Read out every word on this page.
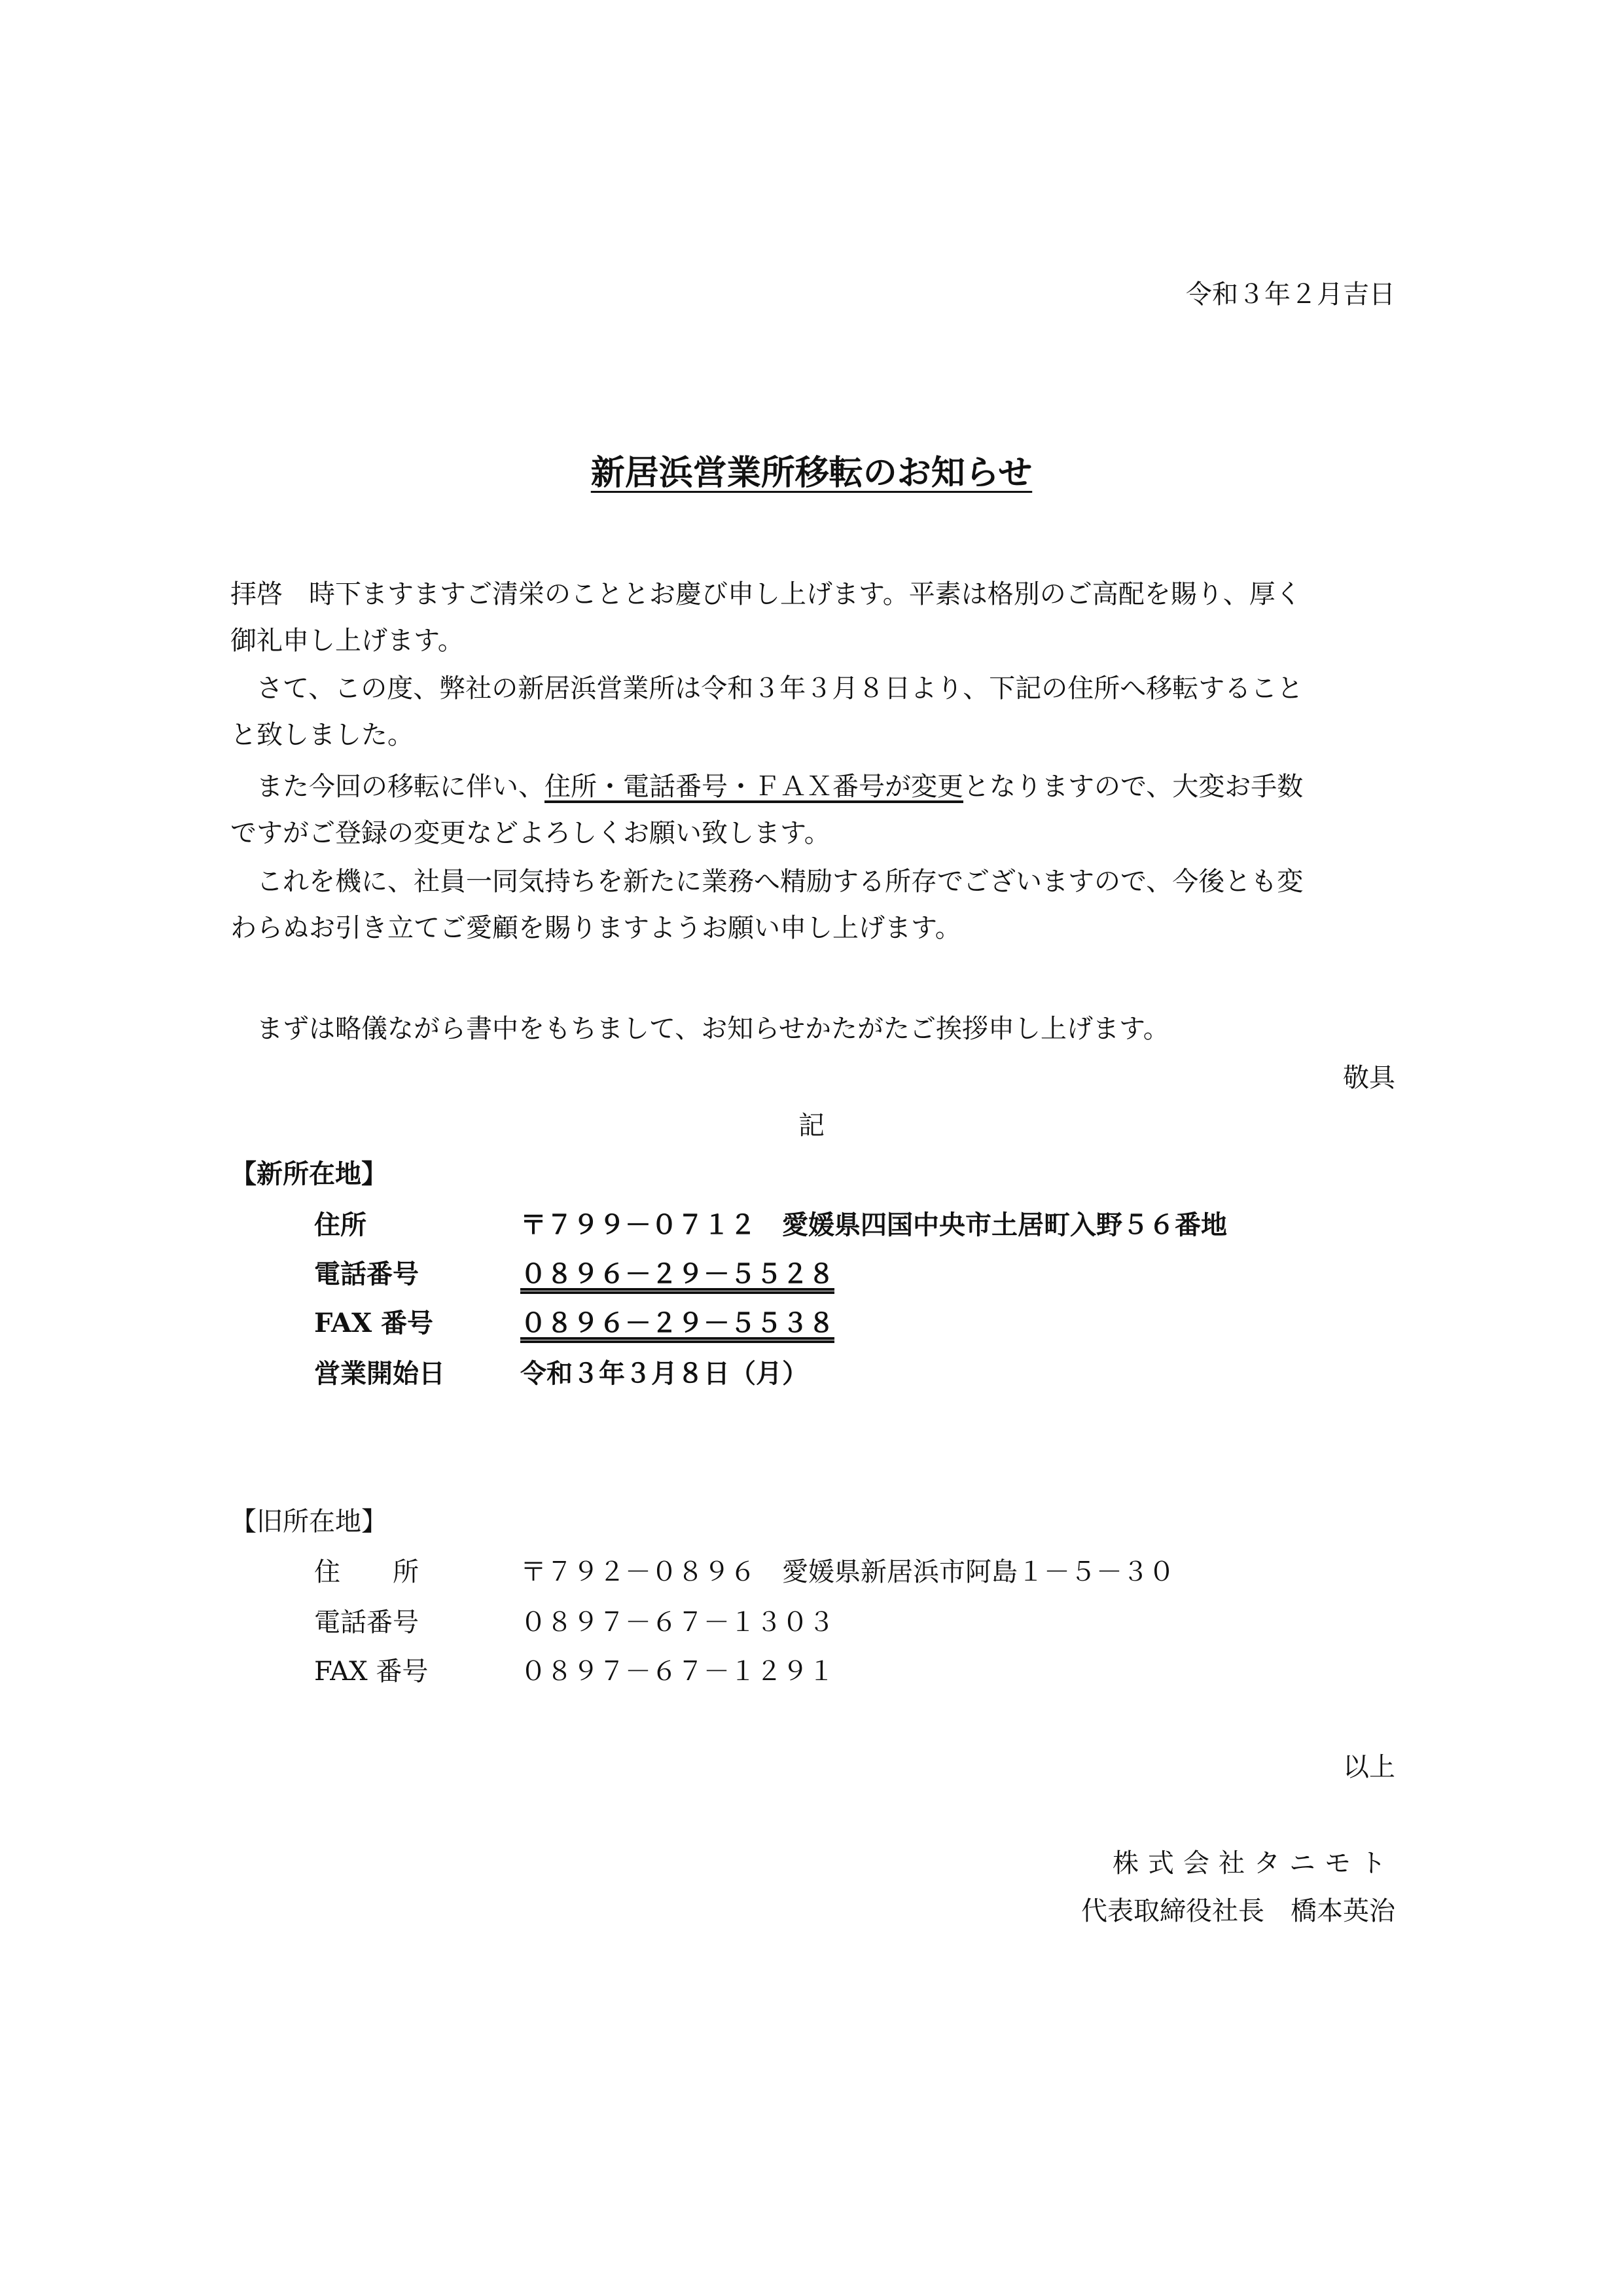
令和３年２月吉日
新居浜営業所移転のお知らせ
拝啓　時下ますますご清栄のこととお慶び申し上げます。平素は格別のご高配を賜り、厚く
御礼申し上げます。
さて、この度、弊社の新居浜営業所は令和３年３月８日より、下記の住所へ移転すること
と致しました。
また今回の移転に伴い、住所・電話番号・ＦＡＸ番号が変更となりますので、大変お手数
ですがご登録の変更などよろしくお願い致します。
これを機に、社員一同気持ちを新たに業務へ精励する所存でございますので、今後とも変
わらぬお引き立てご愛顧を賜りますようお願い申し上げます。
まずは略儀ながら書中をもちまして、お知らせかたがたご挨拶申し上げます。
敬具
記
【新所在地】
住所	〒７９９－０７１２　愛媛県四国中央市土居町入野５６番地
電話番号	０８９６－２９－５５２８
FAX 番号	０８９６－２９－５５３８
営業開始日	令和３年３月８日（月）
【旧所在地】
住　　所	〒７９２－０８９６　愛媛県新居浜市阿島１－５－３０
電話番号	０８９７－６７－１３０３
FAX 番号	０８９７－６７－１２９１
以上
株式会社タニモト
代表取締役社長　橋本英治
